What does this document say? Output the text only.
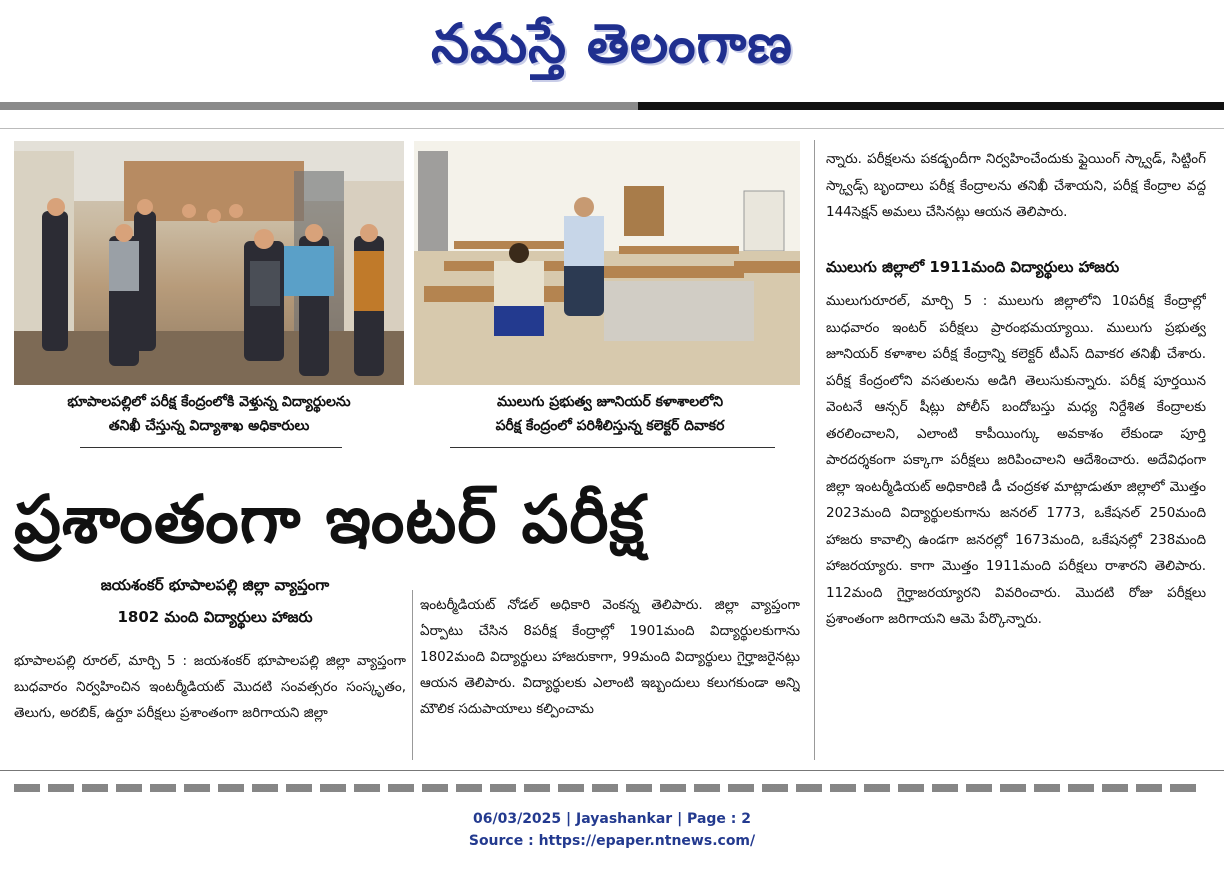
నమస్తే తెలంగాణ
భూపాలపల్లిలో పరీక్ష కేంద్రంలోకి వెళ్తున్న విద్యార్థులను
తనిఖీ చేస్తున్న విద్యాశాఖ అధికారులు
ములుగు ప్రభుత్వ జూనియర్ కళాశాలలోని
పరీక్ష కేంద్రంలో పరిశీలిస్తున్న కలెక్టర్ దివాకర
ప్రశాంతంగా ఇంటర్ పరీక్ష
జయశంకర్ భూపాలపల్లి జిల్లా వ్యాప్తంగా
1802 మంది విద్యార్థులు హాజరు
భూపాలపల్లి రూరల్, మార్చి 5 : జయశంకర్ భూపాలపల్లి జిల్లా వ్యాప్తంగా బుధవారం నిర్వహించిన ఇంటర్మీడియట్ మొదటి సంవత్సరం సంస్కృతం, తెలుగు, అరబిక్, ఉర్దూ పరీక్షలు ప్రశాంతంగా జరిగాయని జిల్లా
ఇంటర్మీడియట్ నోడల్ అధికారి వెంకన్న తెలిపారు. జిల్లా వ్యాప్తంగా ఏర్పాటు చేసిన 8పరీక్ష కేంద్రాల్లో 1901మంది విద్యార్థులకుగాను 1802మంది విద్యార్థులు హాజరుకాగా, 99మంది విద్యార్థులు గైర్హాజరైనట్లు ఆయన తెలిపారు. విద్యార్థులకు ఎలాంటి ఇబ్బందులు కలుగకుండా అన్ని మౌలిక సదుపాయాలు కల్పించామ
న్నారు. పరీక్షలను పకడ్బందీగా నిర్వహించేందుకు ఫ్లైయింగ్ స్క్వాడ్, సిట్టింగ్ స్క్వాడ్స్ బృందాలు పరీక్ష కేంద్రాలను తనిఖీ చేశాయని, పరీక్ష కేంద్రాల వద్ద 144సెక్షన్ అమలు చేసినట్లు ఆయన తెలిపారు.
ములుగు జిల్లాలో 1911మంది విద్యార్థులు హాజరు
ములుగురూరల్, మార్చి 5 : ములుగు జిల్లాలోని 10పరీక్ష కేంద్రాల్లో బుధవారం ఇంటర్ పరీక్షలు ప్రారంభమయ్యాయి. ములుగు ప్రభుత్వ జూనియర్ కళాశాల పరీక్ష కేంద్రాన్ని కలెక్టర్ టీఎస్ దివాకర తనిఖీ చేశారు. పరీక్ష కేంద్రంలోని వసతులను అడిగి తెలుసుకున్నారు. పరీక్ష పూర్తయిన వెంటనే ఆన్సర్ షీట్లు పోలీస్ బందోబస్తు మధ్య నిర్దేశిత కేంద్రాలకు తరలించాలని, ఎలాంటి కాపీయింగ్కు అవకాశం లేకుండా పూర్తి పారదర్శకంగా పక్కాగా పరీక్షలు జరిపించాలని ఆదేశించారు. అదేవిధంగా జిల్లా ఇంటర్మీడియట్ అధికారిణి డీ చంద్రకళ మాట్లాడుతూ జిల్లాలో మొత్తం 2023మంది విద్యార్థులకుగాను జనరల్ 1773, ఒకేషనల్ 250మంది హాజరు కావాల్సి ఉండగా జనరల్లో 1673మంది, ఒకేషనల్లో 238మంది హాజరయ్యారు. కాగా మొత్తం 1911మంది పరీక్షలు రాశారని తెలిపారు. 112మంది గైర్హాజరయ్యారని వివరించారు. మొదటి రోజు పరీక్షలు ప్రశాంతంగా జరిగాయని ఆమె పేర్కొన్నారు.
06/03/2025 | Jayashankar | Page : 2
Source : https://epaper.ntnews.com/
